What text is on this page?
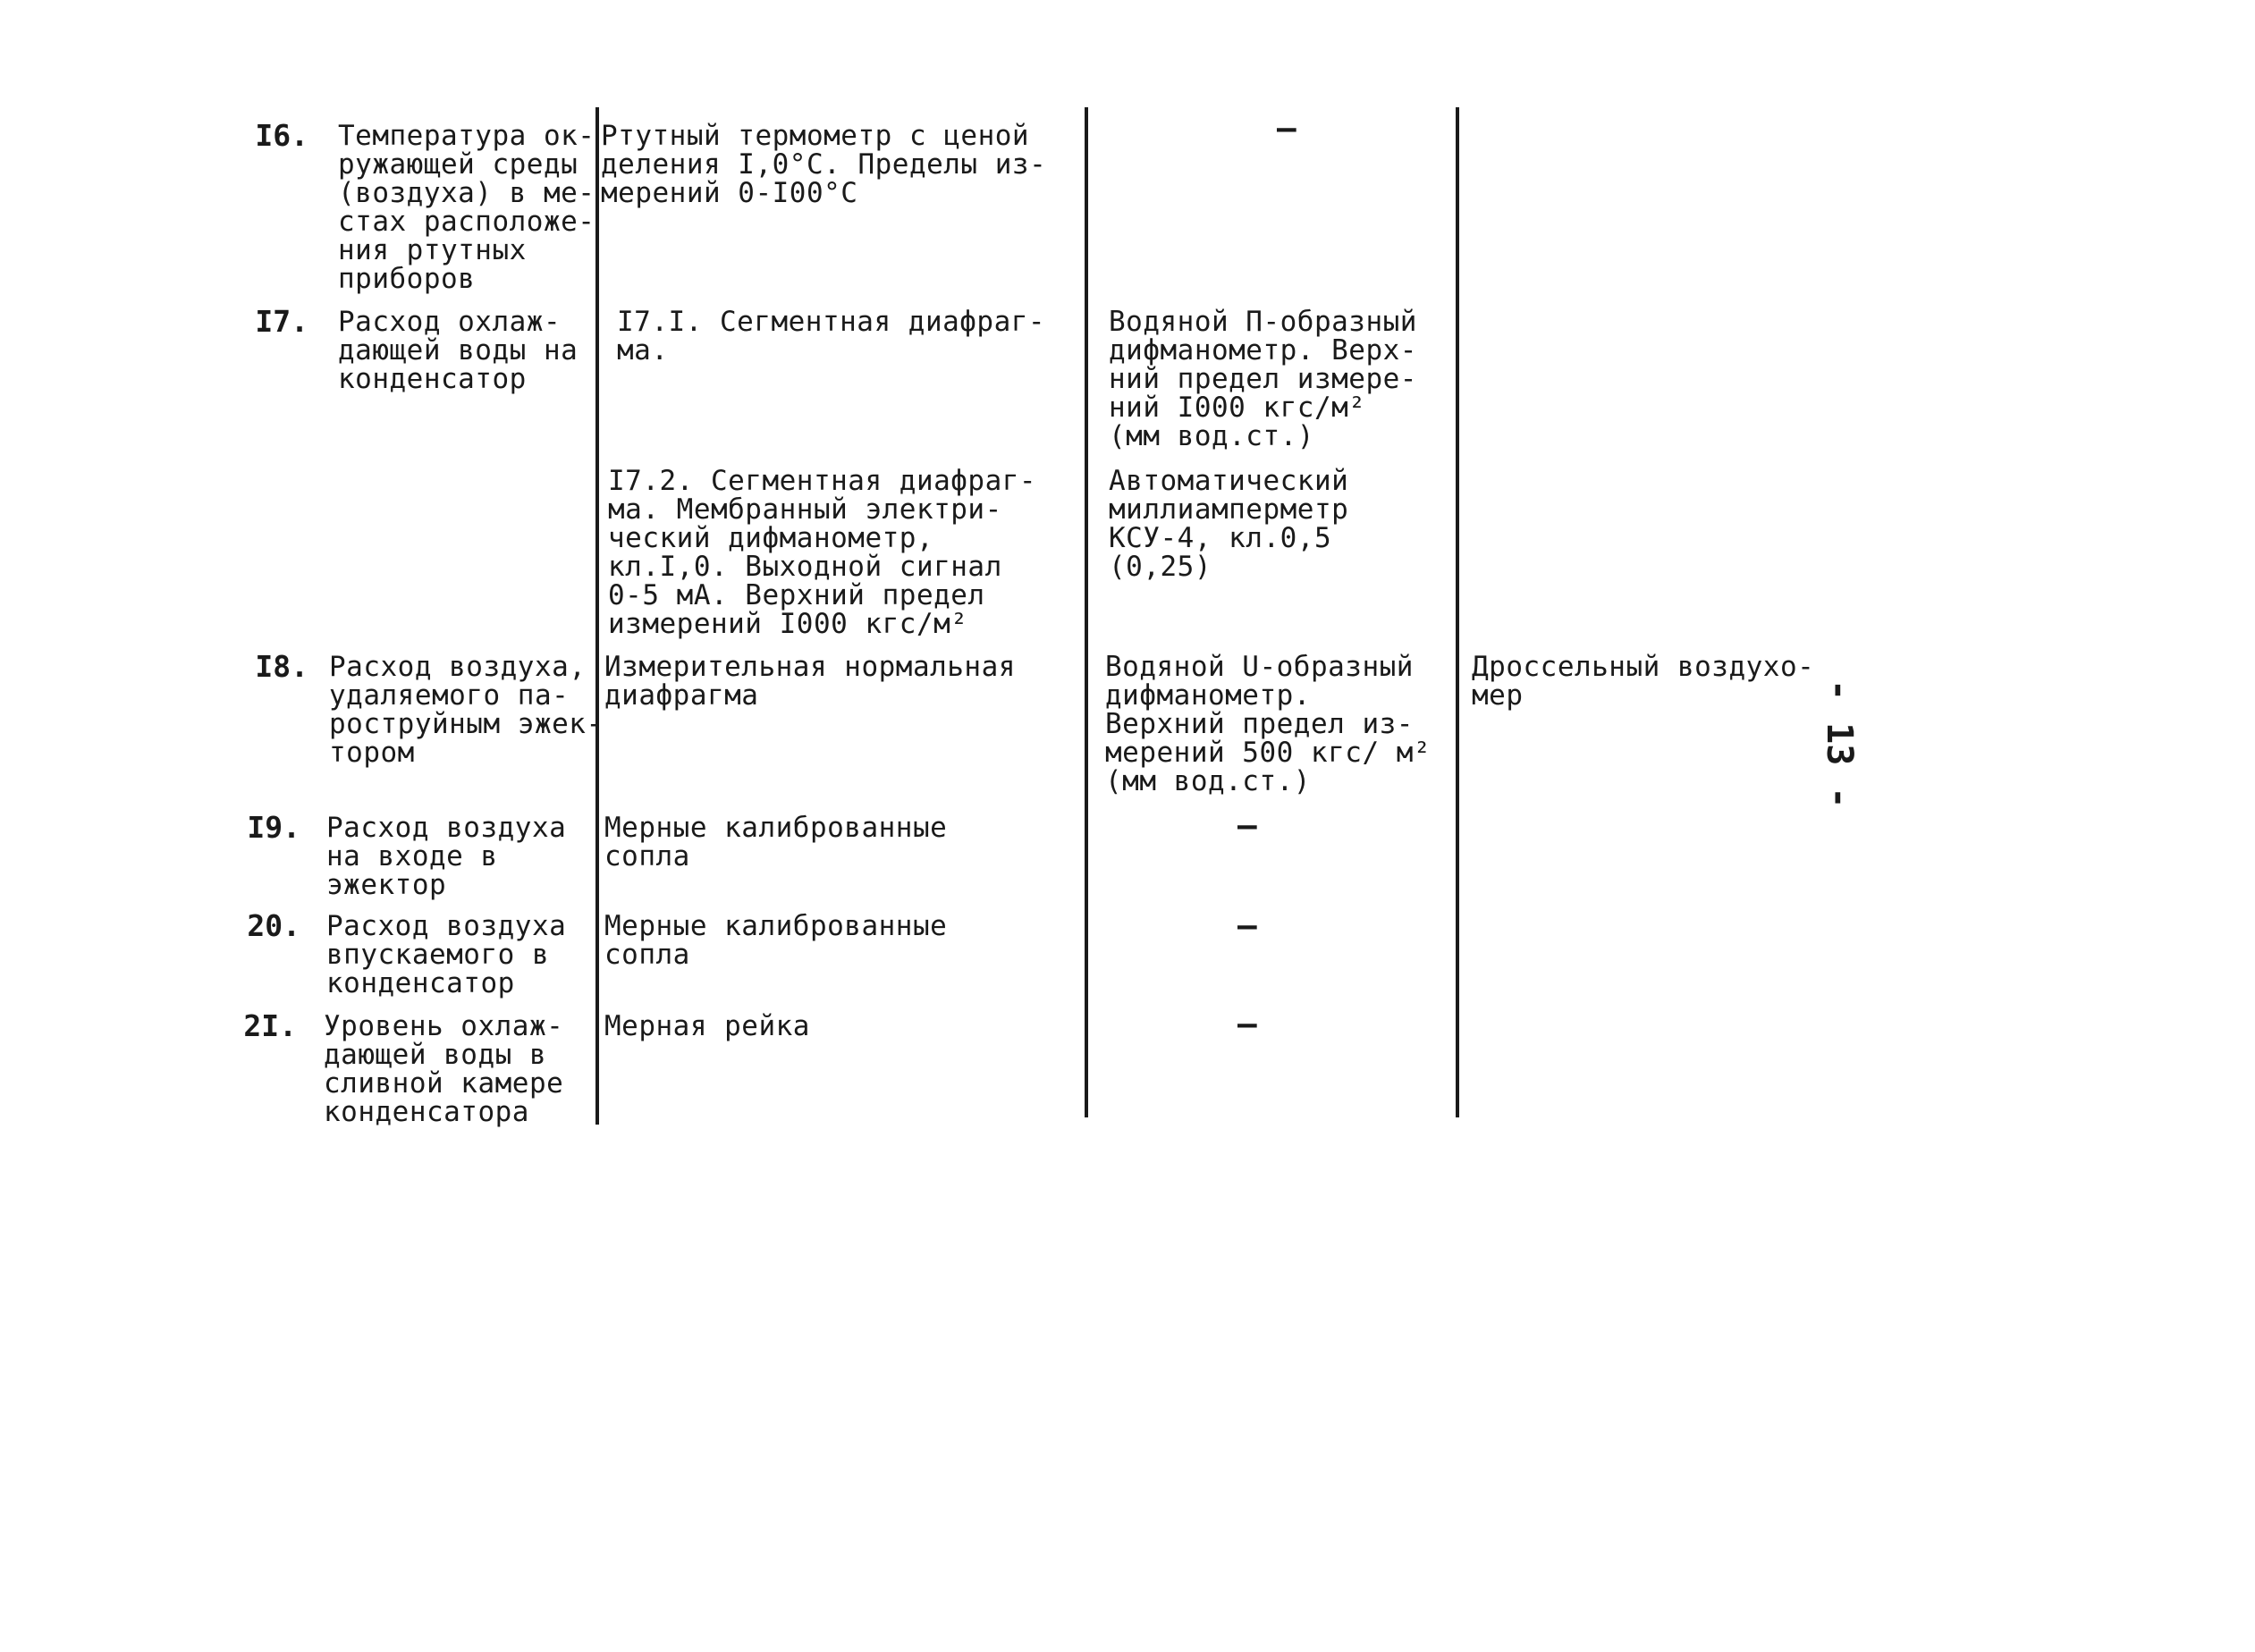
I6. Температура ок-
ружающей среды
(воздуха) в ме-
стах расположе-
ния ртутных
приборов
Ртутный термометр с ценой
деления I,0°С. Пределы из-
мерений 0-I00°С
–
I7. Расход охлаж-
дающей воды на
конденсатор
I7.I. Сегментная диафраг-
ма.
Водяной П-образный
дифманометр. Верх-
ний предел измере-
ний I000 кгс/м²
(мм вод.ст.)
I7.2. Сегментная диафраг-
ма. Мембранный электри-
ческий дифманометр,
кл.I,0. Выходной сигнал
0-5 мА. Верхний предел
измерений I000 кгс/м²
Автоматический
миллиамперметр
КСУ-4, кл.0,5
(0,25)
I8. Расход воздуха,
удаляемого па-
роструйным эжек-
тором
Измерительная нормальная
диафрагма
Водяной U-образный
дифманометр.
Верхний предел из-
мерений 500 кгс/ м²
(мм вод.ст.)
Дроссельный воздухо-
мер
I9. Расход воздуха
на входе в
эжектор
Мерные калиброванные
сопла
–
20. Расход воздуха
впускаемого в
конденсатор
Мерные калиброванные
сопла
–
2I. Уровень охлаж-
дающей воды в
сливной камере
конденсатора
Мерная рейка	–
- 13 -
